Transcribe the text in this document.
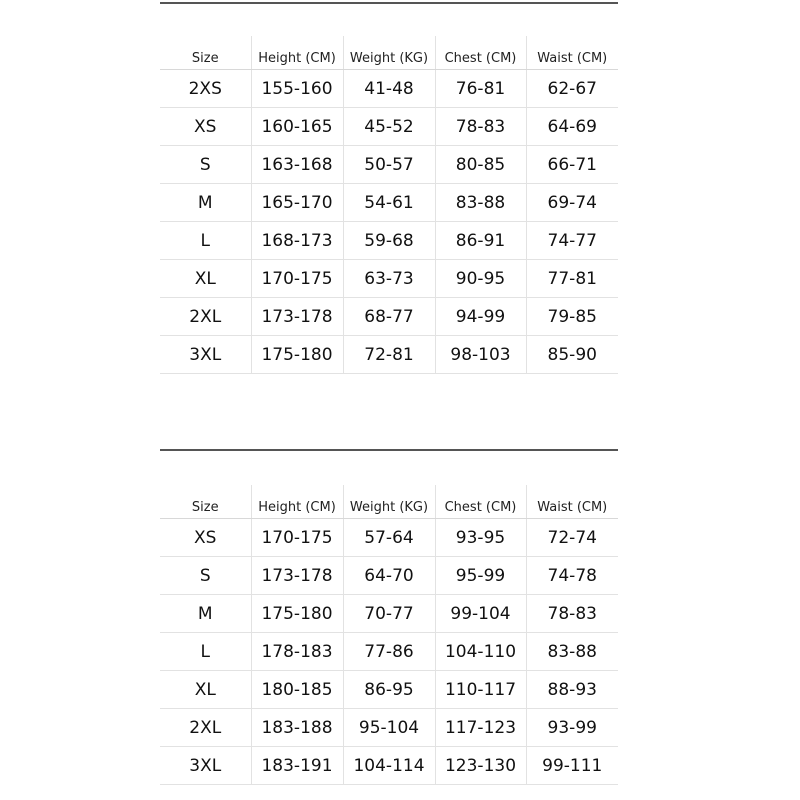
Size	Height (CM)	Weight (KG)	Chest (CM)	Waist (CM)
2XS	155-160	41-48	76-81	62-67
XS	160-165	45-52	78-83	64-69
S	163-168	50-57	80-85	66-71
M	165-170	54-61	83-88	69-74
L	168-173	59-68	86-91	74-77
XL	170-175	63-73	90-95	77-81
2XL	173-178	68-77	94-99	79-85
3XL	175-180	72-81	98-103	85-90
Size	Height (CM)	Weight (KG)	Chest (CM)	Waist (CM)
XS	170-175	57-64	93-95	72-74
S	173-178	64-70	95-99	74-78
M	175-180	70-77	99-104	78-83
L	178-183	77-86	104-110	83-88
XL	180-185	86-95	110-117	88-93
2XL	183-188	95-104	117-123	93-99
3XL	183-191	104-114	123-130	99-111
